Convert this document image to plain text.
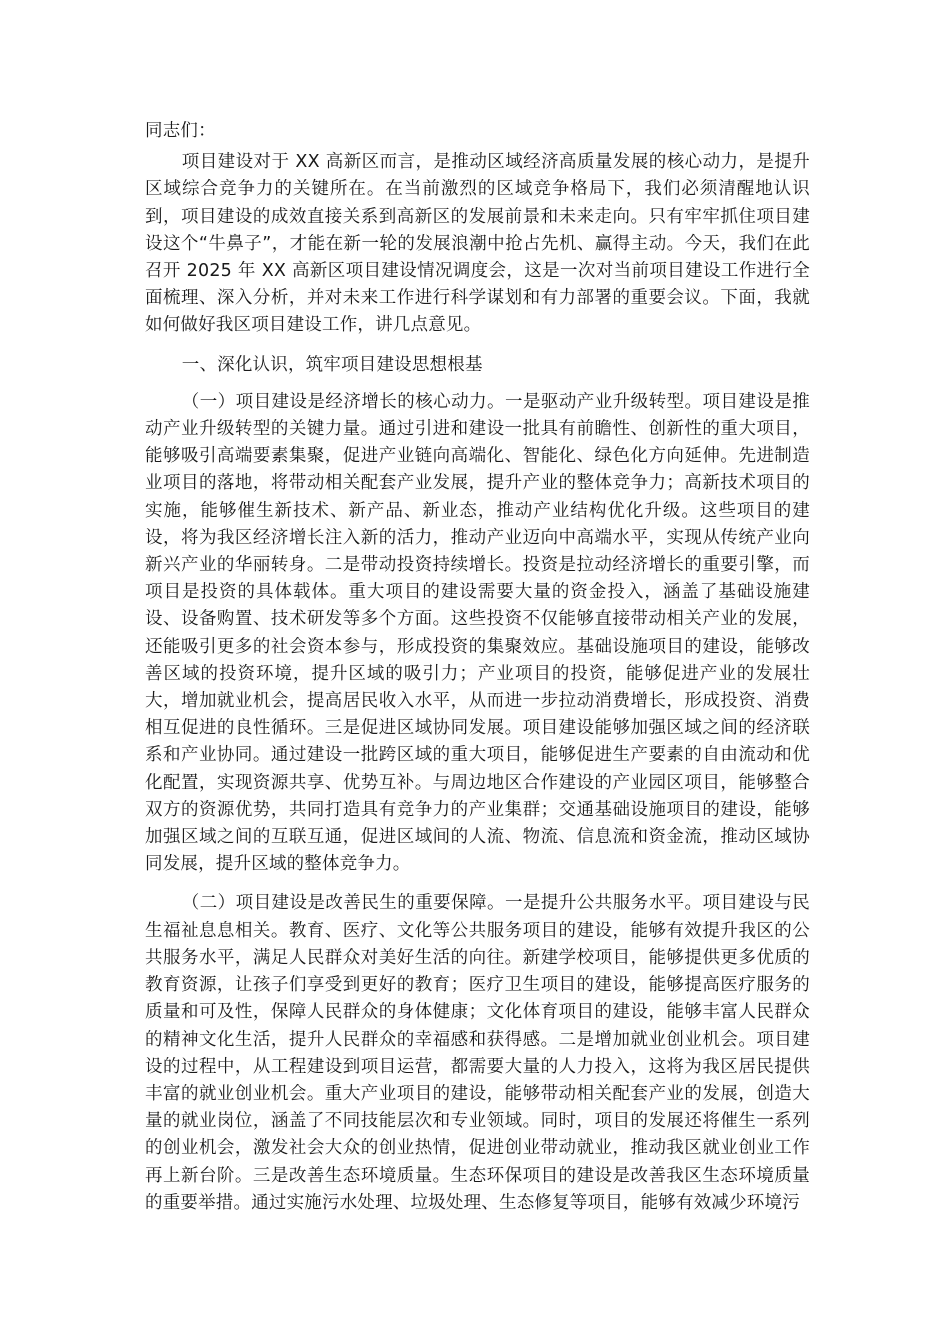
同志们：

项目建设对于 XX 高新区而言，是推动区域经济高质量发展的核心动力，是提升区域综合竞争力的关键所在。在当前激烈的区域竞争格局下，我们必须清醒地认识到，项目建设的成效直接关系到高新区的发展前景和未来走向。只有牢牢抓住项目建设这个“牛鼻子”，才能在新一轮的发展浪潮中抢占先机、赢得主动。今天，我们在此召开 2025 年 XX 高新区项目建设情况调度会，这是一次对当前项目建设工作进行全面梳理、深入分析，并对未来工作进行科学谋划和有力部署的重要会议。下面，我就如何做好我区项目建设工作，讲几点意见。

一、深化认识，筑牢项目建设思想根基

（一）项目建设是经济增长的核心动力。一是驱动产业升级转型。项目建设是推动产业升级转型的关键力量。通过引进和建设一批具有前瞻性、创新性的重大项目，能够吸引高端要素集聚，促进产业链向高端化、智能化、绿色化方向延伸。先进制造业项目的落地，将带动相关配套产业发展，提升产业的整体竞争力；高新技术项目的实施，能够催生新技术、新产品、新业态，推动产业结构优化升级。这些项目的建设，将为我区经济增长注入新的活力，推动产业迈向中高端水平，实现从传统产业向新兴产业的华丽转身。二是带动投资持续增长。投资是拉动经济增长的重要引擎，而项目是投资的具体载体。重大项目的建设需要大量的资金投入，涵盖了基础设施建设、设备购置、技术研发等多个方面。这些投资不仅能够直接带动相关产业的发展，还能吸引更多的社会资本参与，形成投资的集聚效应。基础设施项目的建设，能够改善区域的投资环境，提升区域的吸引力；产业项目的投资，能够促进产业的发展壮大，增加就业机会，提高居民收入水平，从而进一步拉动消费增长，形成投资、消费相互促进的良性循环。三是促进区域协同发展。项目建设能够加强区域之间的经济联系和产业协同。通过建设一批跨区域的重大项目，能够促进生产要素的自由流动和优化配置，实现资源共享、优势互补。与周边地区合作建设的产业园区项目，能够整合双方的资源优势，共同打造具有竞争力的产业集群；交通基础设施项目的建设，能够加强区域之间的互联互通，促进区域间的人流、物流、信息流和资金流，推动区域协同发展，提升区域的整体竞争力。

（二）项目建设是改善民生的重要保障。一是提升公共服务水平。项目建设与民生福祉息息相关。教育、医疗、文化等公共服务项目的建设，能够有效提升我区的公共服务水平，满足人民群众对美好生活的向往。新建学校项目，能够提供更多优质的教育资源，让孩子们享受到更好的教育；医疗卫生项目的建设，能够提高医疗服务的质量和可及性，保障人民群众的身体健康；文化体育项目的建设，能够丰富人民群众的精神文化生活，提升人民群众的幸福感和获得感。二是增加就业创业机会。项目建设的过程中，从工程建设到项目运营，都需要大量的人力投入，这将为我区居民提供丰富的就业创业机会。重大产业项目的建设，能够带动相关配套产业的发展，创造大量的就业岗位，涵盖了不同技能层次和专业领域。同时，项目的发展还将催生一系列的创业机会，激发社会大众的创业热情，促进创业带动就业，推动我区就业创业工作再上新台阶。三是改善生态环境质量。生态环保项目的建设是改善我区生态环境质量的重要举措。通过实施污水处理、垃圾处理、生态修复等项目，能够有效减少环境污
